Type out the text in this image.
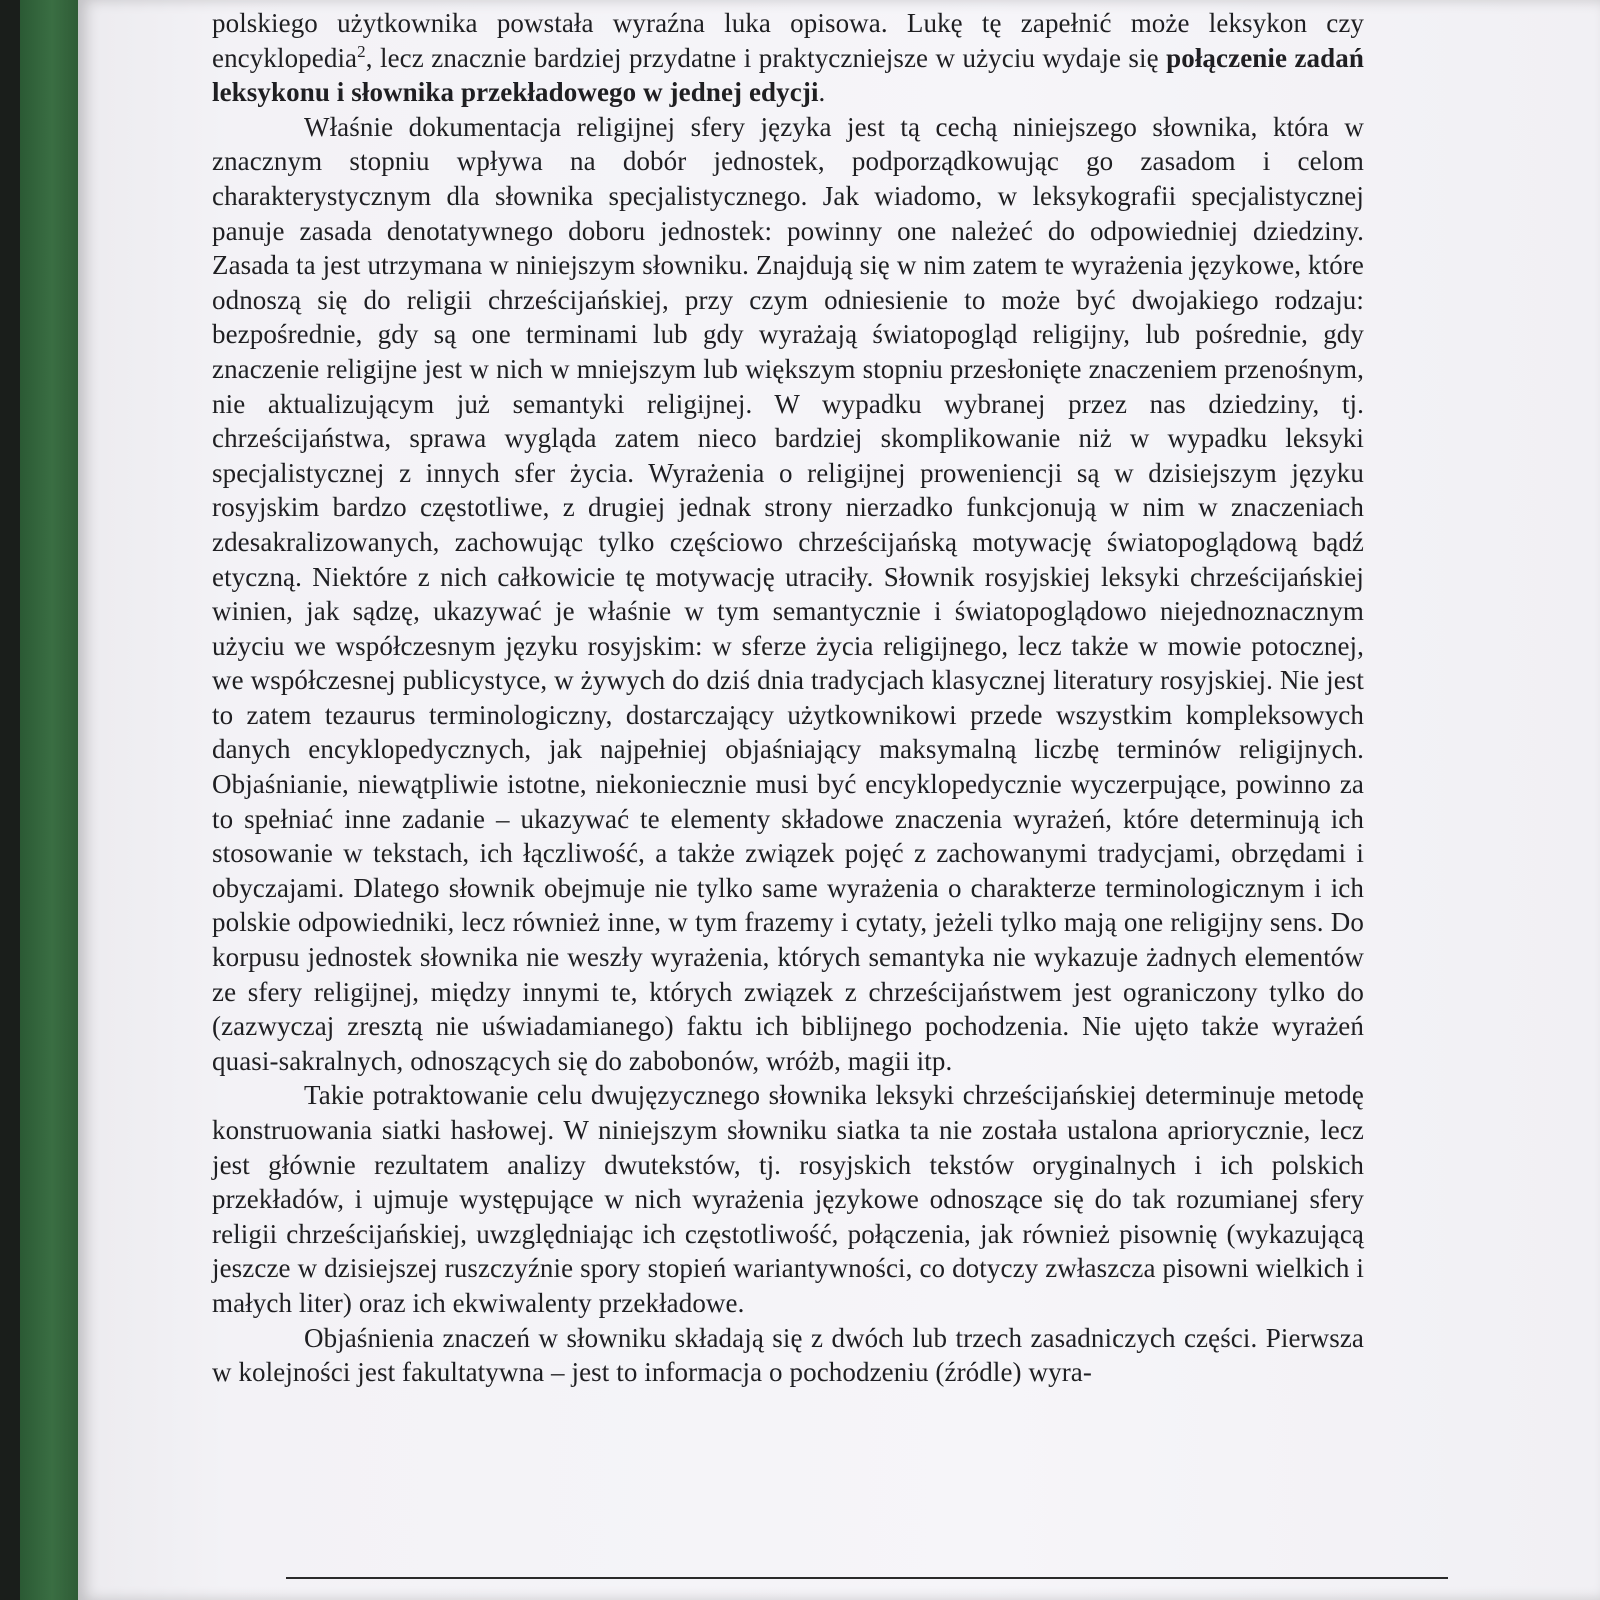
polskiego użytkownika powstała wyraźna luka opisowa. Lukę tę zapełnić może leksykon czy encyklopedia$^2$, lecz znacznie bardziej przydatne i praktyczniejsze w użyciu wydaje się połączenie zadań leksykonu i słownika przekładowego w jednej edycji.

Właśnie dokumentacja religijnej sfery języka jest tą cechą niniejszego słownika, która w znacznym stopniu wpływa na dobór jednostek, podporządkowując go zasadom i celom charakterystycznym dla słownika specjalistycznego. Jak wiadomo, w leksykografii specjalistycznej panuje zasada denotatywnego doboru jednostek: powinny one należeć do odpowiedniej dziedziny. Zasada ta jest utrzymana w niniejszym słowniku. Znajdują się w nim zatem te wyrażenia językowe, które odnoszą się do religii chrześcijańskiej, przy czym odniesienie to może być dwojakiego rodzaju: bezpośrednie, gdy są one terminami lub gdy wyrażają światopogląd religijny, lub pośrednie, gdy znaczenie religijne jest w nich w mniejszym lub większym stopniu przesłonięte znaczeniem przenośnym, nie aktualizującym już semantyki religijnej. W wypadku wybranej przez nas dziedziny, tj. chrześcijaństwa, sprawa wygląda zatem nieco bardziej skomplikowanie niż w wypadku leksyki specjalistycznej z innych sfer życia. Wyrażenia o religijnej proweniencji są w dzisiejszym języku rosyjskim bardzo częstotliwe, z drugiej jednak strony nierzadko funkcjonują w nim w znaczeniach zdesakralizowanych, zachowując tylko częściowo chrześcijańską motywację światopoglądową bądź etyczną. Niektóre z nich całkowicie tę motywację utraciły. Słownik rosyjskiej leksyki chrześcijańskiej winien, jak sądzę, ukazywać je właśnie w tym semantycznie i światopoglądowo niejednoznacznym użyciu we współczesnym języku rosyjskim: w sferze życia religijnego, lecz także w mowie potocznej, we współczesnej publicystyce, w żywych do dziś dnia tradycjach klasycznej literatury rosyjskiej. Nie jest to zatem tezaurus terminologiczny, dostarczający użytkownikowi przede wszystkim kompleksowych danych encyklopedycznych, jak najpełniej objaśniający maksymalną liczbę terminów religijnych. Objaśnianie, niewątpliwie istotne, niekoniecznie musi być encyklopedycznie wyczerpujące, powinno za to spełniać inne zadanie – ukazywać te elementy składowe znaczenia wyrażeń, które determinują ich stosowanie w tekstach, ich łączliwość, a także związek pojęć z zachowanymi tradycjami, obrzędami i obyczajami. Dlatego słownik obejmuje nie tylko same wyrażenia o charakterze terminologicznym i ich polskie odpowiedniki, lecz również inne, w tym frazemy i cytaty, jeżeli tylko mają one religijny sens. Do korpusu jednostek słownika nie weszły wyrażenia, których semantyka nie wykazuje żadnych elementów ze sfery religijnej, między innymi te, których związek z chrześcijaństwem jest ograniczony tylko do (zazwyczaj zresztą nie uświadamianego) faktu ich biblijnego pochodzenia. Nie ujęto także wyrażeń quasi-sakralnych, odnoszących się do zabobonów, wróżb, magii itp.

Takie potraktowanie celu dwujęzycznego słownika leksyki chrześcijańskiej determinuje metodę konstruowania siatki hasłowej. W niniejszym słowniku siatka ta nie została ustalona apriorycznie, lecz jest głównie rezultatem analizy dwutekstów, tj. rosyjskich tekstów oryginalnych i ich polskich przekładów, i ujmuje występujące w nich wyrażenia językowe odnoszące się do tak rozumianej sfery religii chrześcijańskiej, uwzględniając ich częstotliwość, połączenia, jak również pisownię (wykazującą jeszcze w dzisiejszej ruszczyźnie spory stopień wariantywności, co dotyczy zwłaszcza pisowni wielkich i małych liter) oraz ich ekwiwalenty przekładowe.

Objaśnienia znaczeń w słowniku składają się z dwóch lub trzech zasadniczych części. Pierwsza w kolejności jest fakultatywna – jest to informacja o pochodzeniu (źródle) wyra-
